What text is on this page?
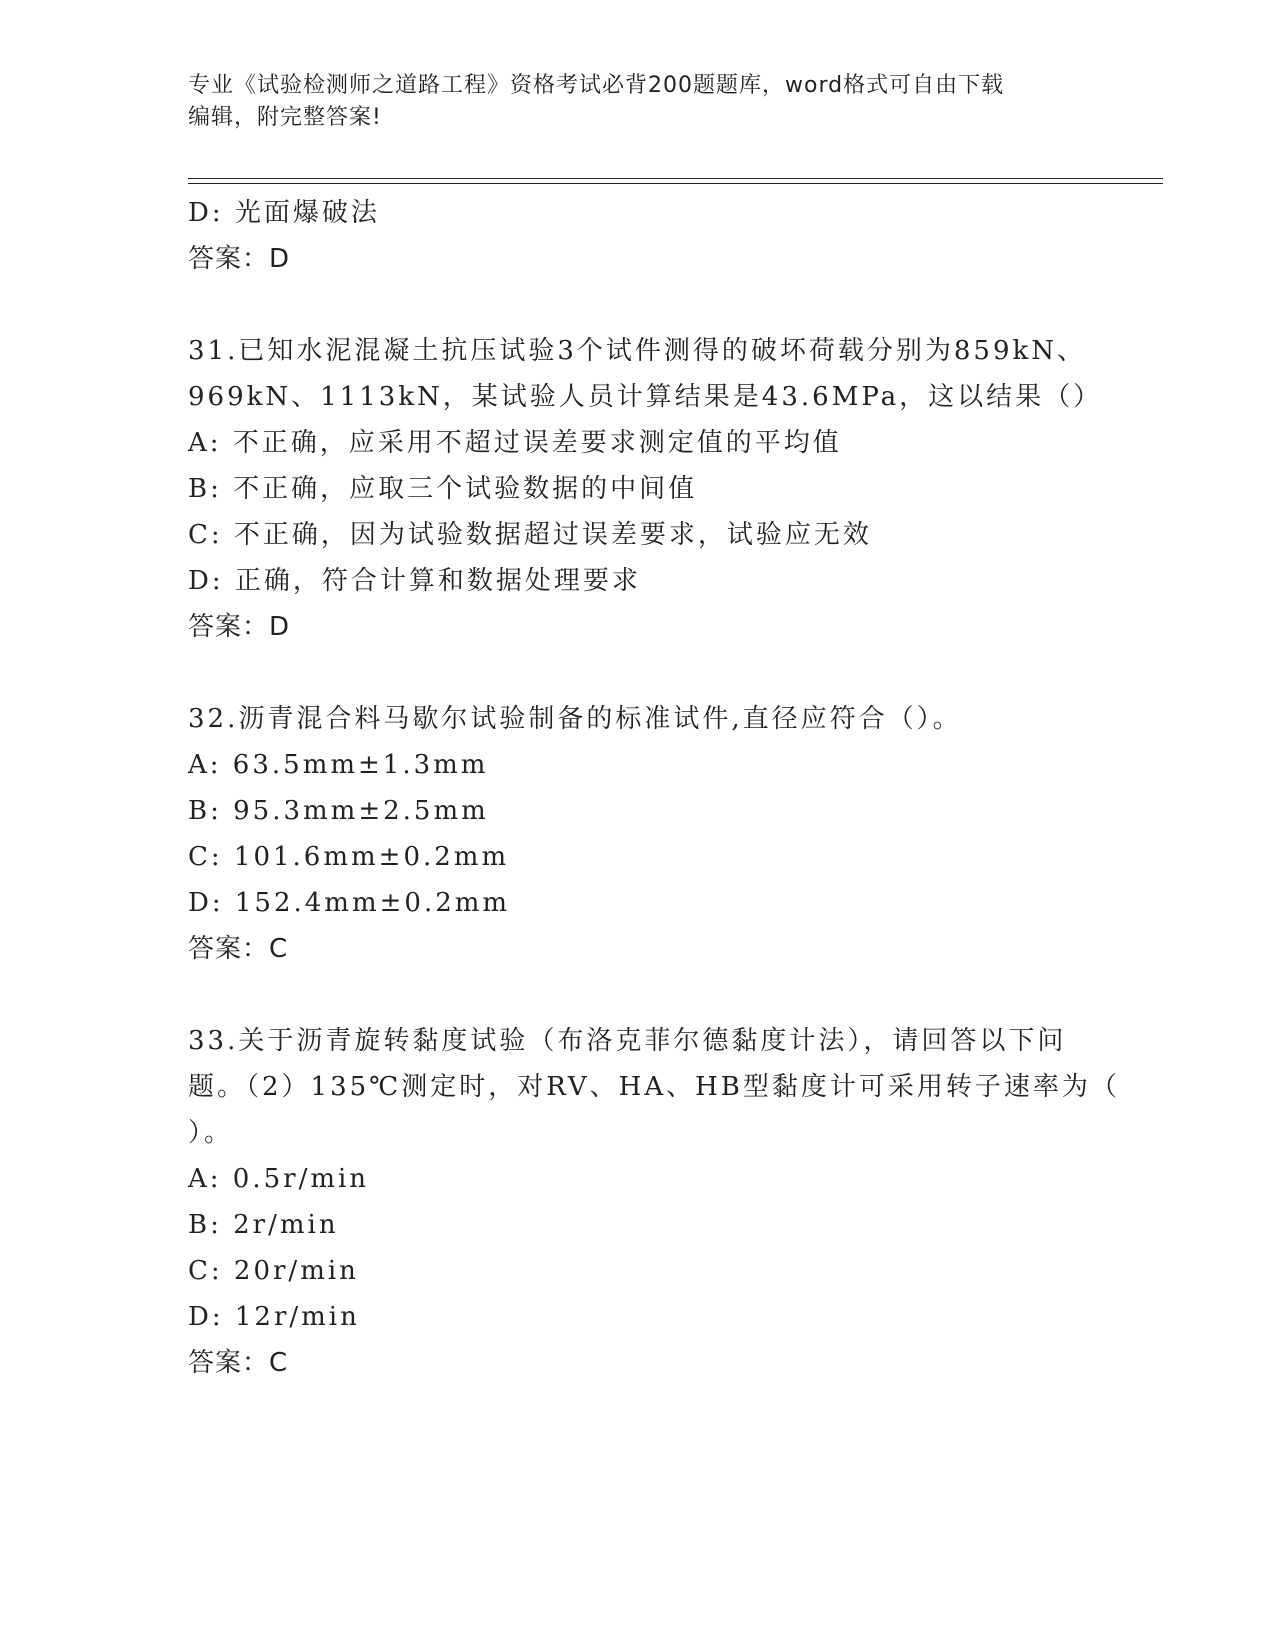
专业《试验检测师之道路工程》资格考试必背200题题库，word格式可自由下载
编辑，附完整答案!
D: 光面爆破法
答案：D
31.已知水泥混凝土抗压试验3个试件测得的破坏荷载分别为859kN、
969kN、1113kN，某试验人员计算结果是43.6MPa，这以结果（）
A: 不正确，应采用不超过误差要求测定值的平均值
B: 不正确，应取三个试验数据的中间值
C: 不正确，因为试验数据超过误差要求，试验应无效
D: 正确，符合计算和数据处理要求
答案：D
32.沥青混合料马歇尔试验制备的标准试件,直径应符合（）。
A: 63.5mm±1.3mm
B: 95.3mm±2.5mm
C: 101.6mm±0.2mm
D: 152.4mm±0.2mm
答案：C
33.关于沥青旋转黏度试验（布洛克菲尔德黏度计法），请回答以下问
题。（2）135℃测定时，对RV、HA、HB型黏度计可采用转子速率为（
）。
A: 0.5r/min
B: 2r/min
C: 20r/min
D: 12r/min
答案：C
